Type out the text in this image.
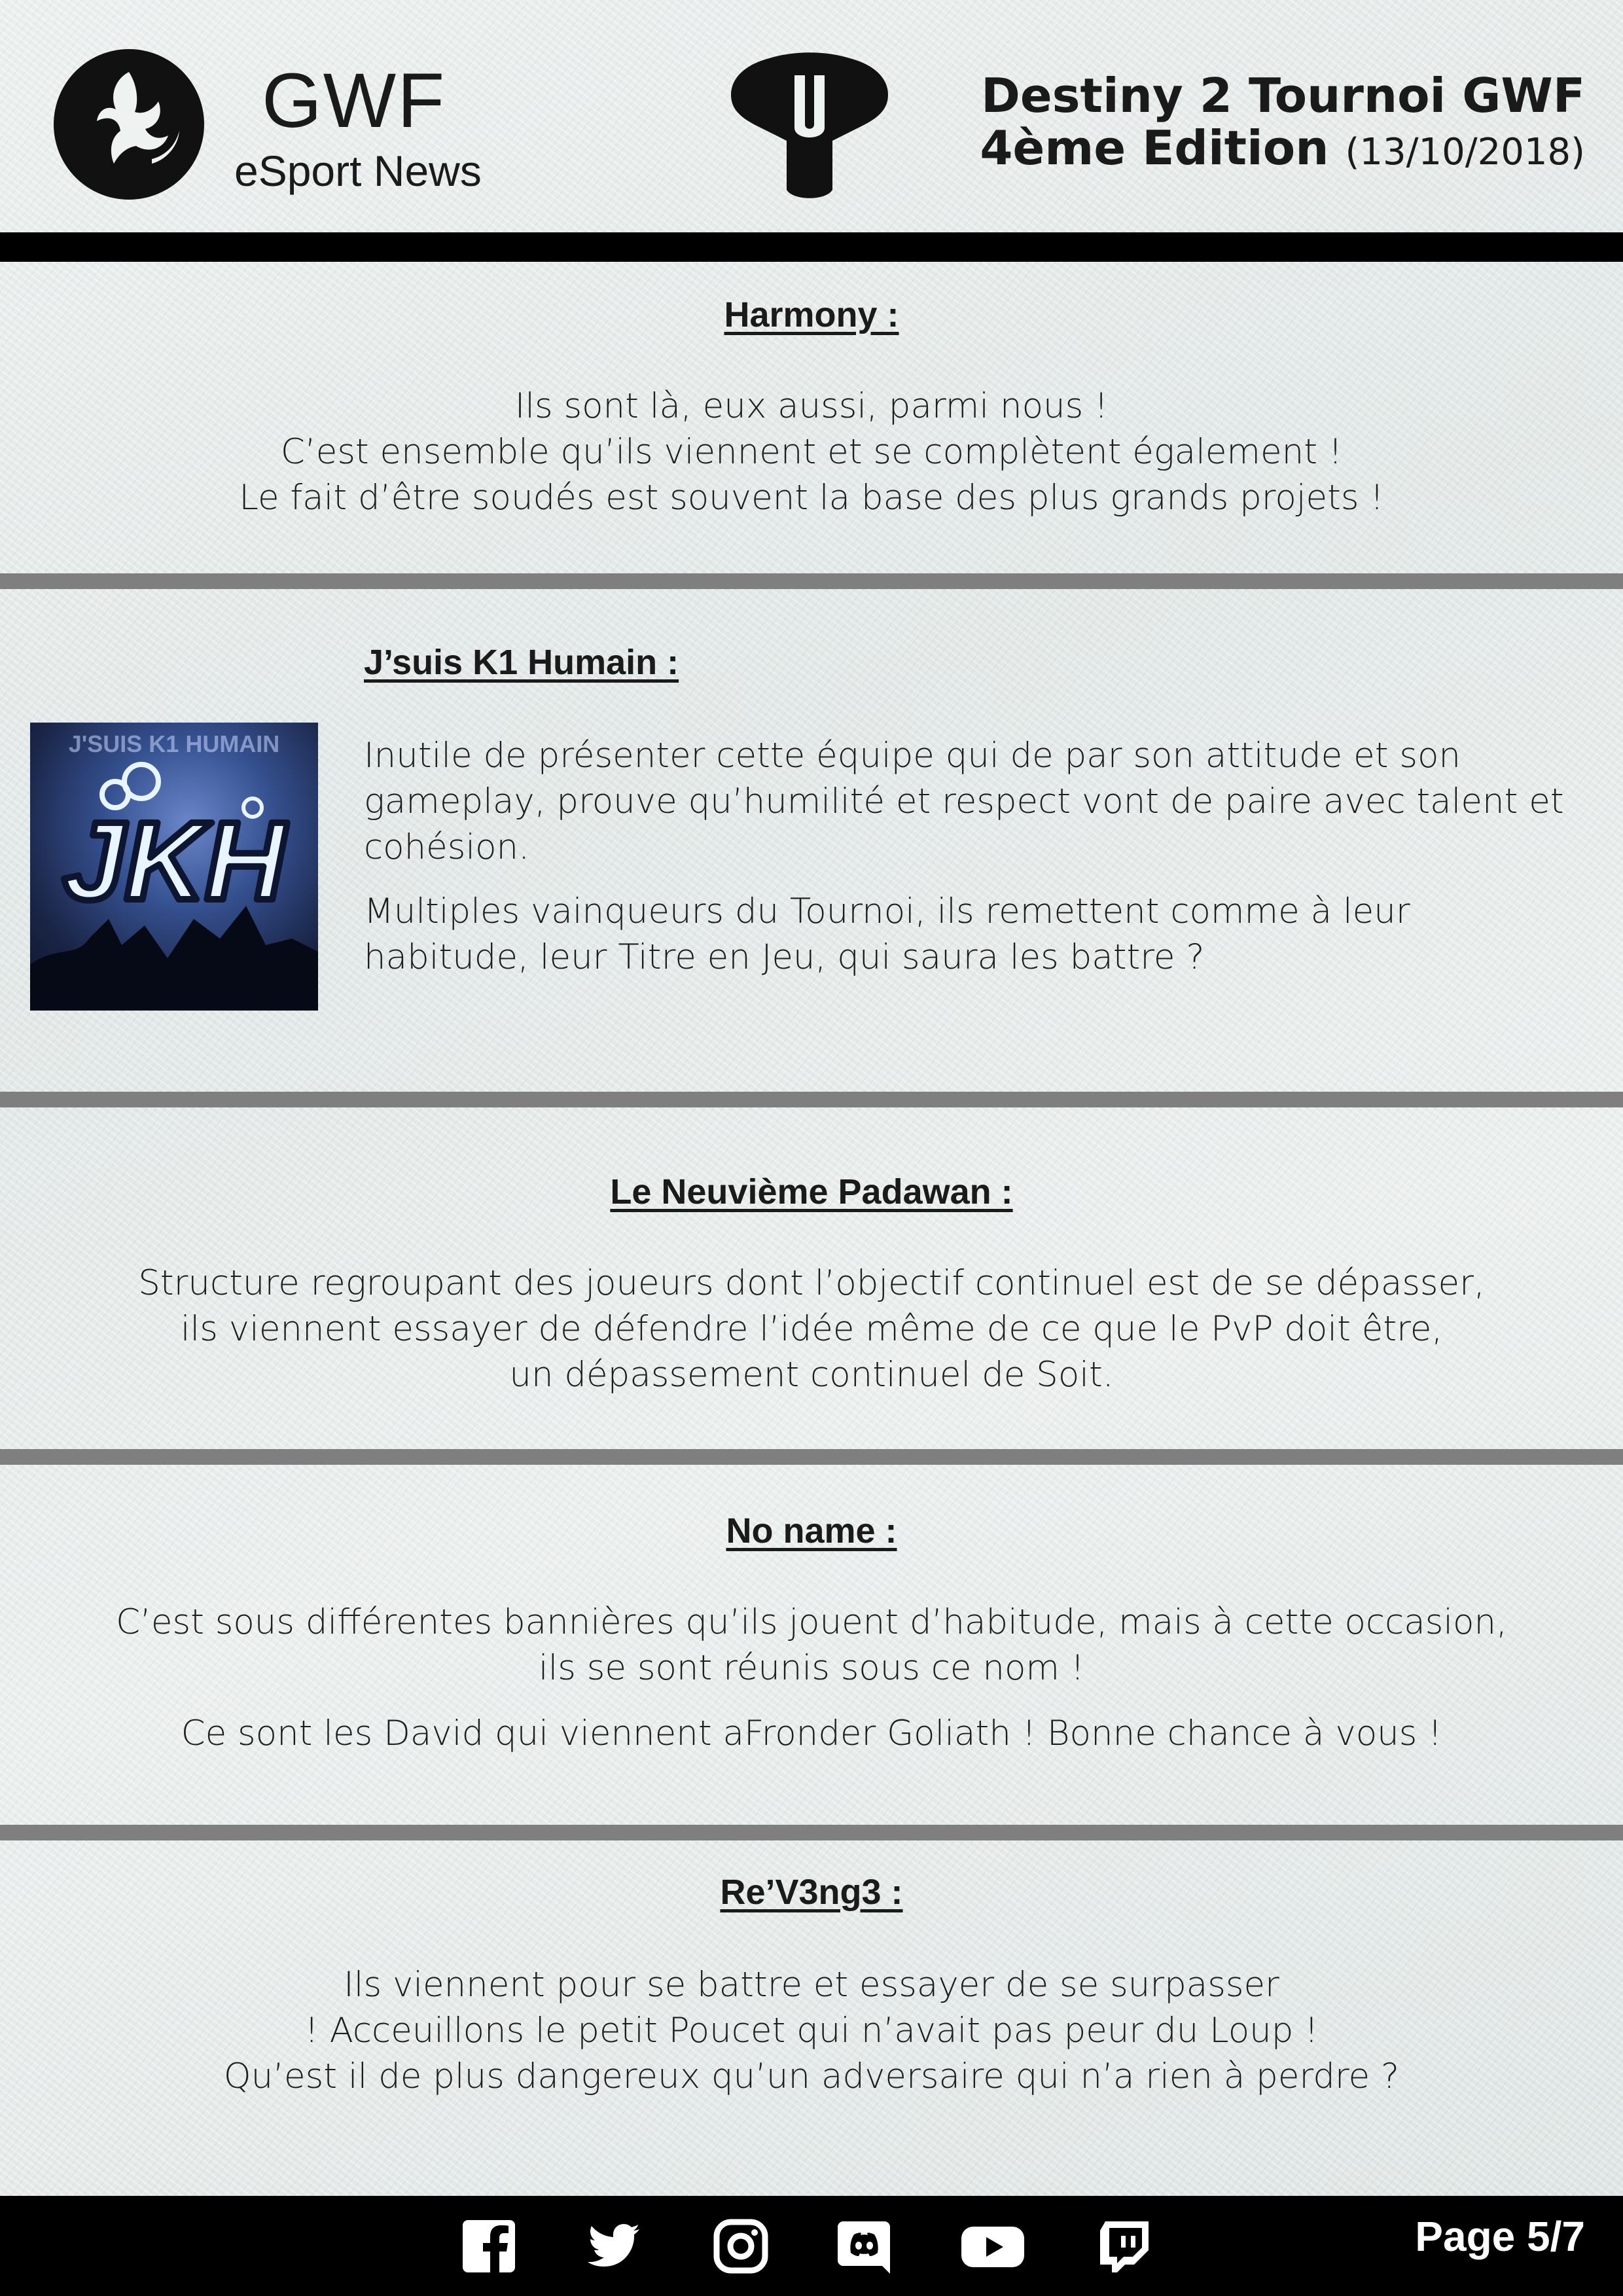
GWF
eSport News
Destiny 2 Tournoi GWF
4ème Edition (13/10/2018)
Harmony :
Ils sont là, eux aussi, parmi nous !
C’est ensemble qu’ils viennent et se complètent également !
Le fait d’être soudés est souvent la base des plus grands projets !
J'SUIS K1 HUMAIN
JKH
J’suis K1 Humain :
Inutile de présenter cette équipe qui de par son attitude et son
gameplay, prouve qu’humilité et respect vont de paire avec talent et
cohésion.
Multiples vainqueurs du Tournoi, ils remettent comme à leur
habitude, leur Titre en Jeu, qui saura les battre ?
Le Neuvième Padawan :
Structure regroupant des joueurs dont l’objectif continuel est de se dépasser,
ils viennent essayer de défendre l’idée même de ce que le PvP doit être,
un dépassement continuel de Soit.
No name :
C’est sous différentes bannières qu’ils jouent d’habitude, mais à cette occasion,
ils se sont réunis sous ce nom !
Ce sont les David qui viennent aFronder Goliath ! Bonne chance à vous !
Re’V3ng3 :
Ils viennent pour se battre et essayer de se surpasser
! Acceuillons le petit Poucet qui n’avait pas peur du Loup !
Qu’est il de plus dangereux qu’un adversaire qui n’a rien à perdre ?
Page 5/7
